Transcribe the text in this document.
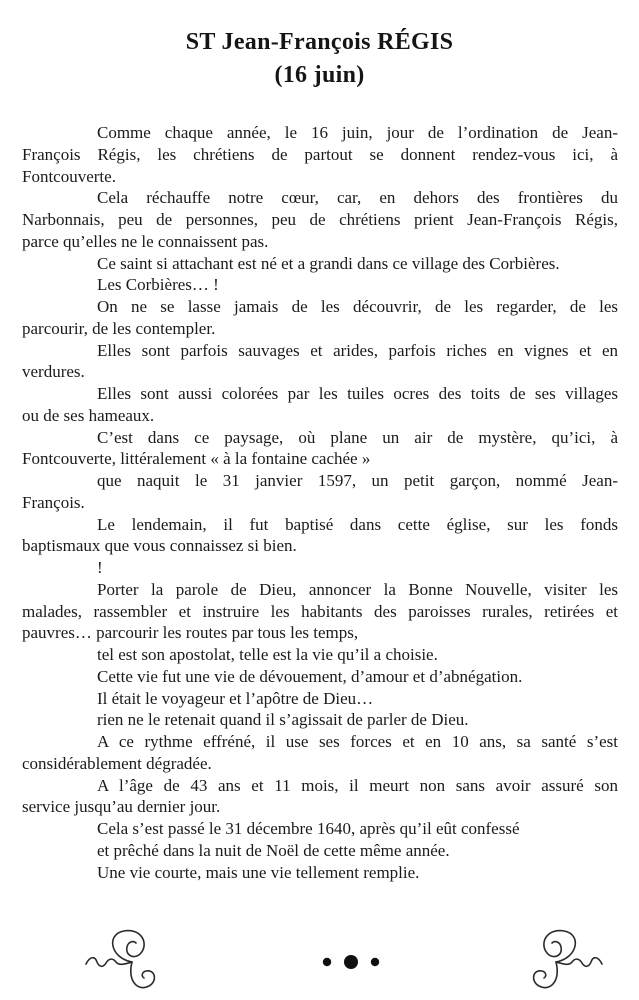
ST Jean-François RÉGIS
(16 juin)
Comme chaque année, le 16 juin, jour de l’ordination de Jean-
François Régis, les chrétiens de partout se donnent rendez-vous ici, à
Fontcouverte.
Cela réchauffe notre cœur, car, en dehors des frontières du
Narbonnais, peu de personnes, peu de chrétiens prient Jean-François Régis,
parce qu’elles ne le connaissent pas.
Ce saint si attachant est né et a grandi dans ce village des Corbières.
Les Corbières… !
On ne se lasse jamais de les découvrir, de les regarder, de les
parcourir, de les contempler.
Elles sont parfois sauvages et arides, parfois riches en vignes et en
verdures.
Elles sont aussi colorées par les tuiles ocres des toits de ses villages
ou de ses hameaux.
C’est dans ce paysage, où plane un air de mystère, qu’ici, à
Fontcouverte, littéralement « à la fontaine cachée »
que naquit le 31 janvier 1597, un petit garçon, nommé Jean-
François.
Le lendemain, il fut baptisé dans cette église, sur les fonds
baptismaux que vous connaissez si bien.
!
Porter la parole de Dieu, annoncer la Bonne Nouvelle, visiter les
malades, rassembler et instruire les habitants des paroisses rurales, retirées et
pauvres… parcourir les routes par tous les temps,
tel est son apostolat, telle est la vie qu’il a choisie.
Cette vie fut une vie de dévouement, d’amour et d’abnégation.
Il était le voyageur et l’apôtre de Dieu…
rien ne le retenait quand il s’agissait de parler de Dieu.
A ce rythme effréné, il use ses forces et en 10 ans, sa santé s’est
considérablement dégradée.
A l’âge de 43 ans et 11 mois, il meurt non sans avoir assuré son
service jusqu’au dernier jour.
Cela s’est passé le 31 décembre 1640, après qu’il eût confessé
et prêché dans la nuit de Noël de cette même année.
Une vie courte, mais une vie tellement remplie.
